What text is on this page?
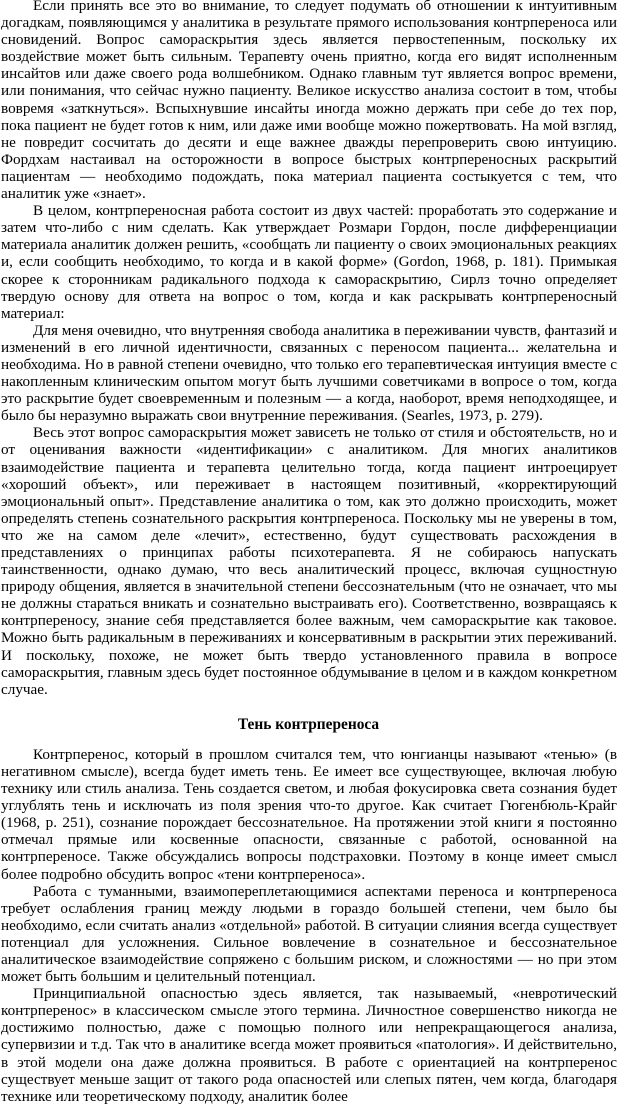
Если принять все это во внимание, то следует подумать об отношении к интуитивным догадкам, появляющимся у аналитика в результате прямого использования контрпереноса или сновидений. Вопрос самораскрытия здесь является первостепенным, поскольку их воздействие может быть сильным. Терапевту очень приятно, когда его видят исполненным инсайтов или даже своего рода волшебником. Однако главным тут является вопрос времени, или понимания, что сейчас нужно пациенту. Великое искусство анализа состоит в том, чтобы вовремя «заткнуться». Вспыхнувшие инсайты иногда можно держать при себе до тех пор, пока пациент не будет готов к ним, или даже ими вообще можно пожертвовать. На мой взгляд, не повредит сосчитать до десяти и еще важнее дважды перепроверить свою интуицию. Фордхам настаивал на осторожности в вопросе быстрых контрпереносных раскрытий пациентам — необходимо подождать, пока материал пациента состыкуется с тем, что аналитик уже «знает».

В целом, контрпереносная работа состоит из двух частей: проработать это содержание и затем что-либо с ним сделать. Как утверждает Розмари Гордон, после дифференциации материала аналитик должен решить, «сообщать ли пациенту о своих эмоциональных реакциях и, если сообщить необходимо, то когда и в какой форме» (Gordon, 1968, p. 181). Примыкая скорее к сторонникам радикального подхода к самораскрытию, Сирлз точно определяет твердую основу для ответа на вопрос о том, когда и как раскрывать контрпереносный материал:

Для меня очевидно, что внутренняя свобода аналитика в переживании чувств, фантазий и изменений в его личной идентичности, связанных с переносом пациента... желательна и необходима. Но в равной степени очевидно, что только его терапевтическая интуиция вместе с накопленным клиническим опытом могут быть лучшими советчиками в вопросе о том, когда это раскрытие будет своевременным и полезным — а когда, наоборот, время неподходящее, и было бы неразумно выражать свои внутренние переживания. (Searles, 1973, p. 279).

Весь этот вопрос самораскрытия может зависеть не только от стиля и обстоятельств, но и от оценивания важности «идентификации» с аналитиком. Для многих аналитиков взаимодействие пациента и терапевта целительно тогда, когда пациент интроецирует «хороший объект», или переживает в настоящем позитивный, «корректирующий эмоциональный опыт». Представление аналитика о том, как это должно происходить, может определять степень сознательного раскрытия контрпереноса. Поскольку мы не уверены в том, что же на самом деле «лечит», естественно, будут существовать расхождения в представлениях о принципах работы психотерапевта. Я не собираюсь напускать таинственности, однако думаю, что весь аналитический процесс, включая сущностную природу общения, является в значительной степени бессознательным (что не означает, что мы не должны стараться вникать и сознательно выстраивать его). Соответственно, возвращаясь к контрпереносу, знание себя представляется более важным, чем самораскрытие как таковое. Можно быть радикальным в переживаниях и консервативным в раскрытии этих переживаний. И поскольку, похоже, не может быть твердо установленного правила в вопросе самораскрытия, главным здесь будет постоянное обдумывание в целом и в каждом конкретном случае.

Тень контрпереноса

Контрперенос, который в прошлом считался тем, что юнгианцы называют «тенью» (в негативном смысле), всегда будет иметь тень. Ее имеет все существующее, включая любую технику или стиль анализа. Тень создается светом, и любая фокусировка света сознания будет углублять тень и исключать из поля зрения что-то другое. Как считает Гюгенбюль-Крайг (1968, p. 251), сознание порождает бессознательное. На протяжении этой книги я постоянно отмечал прямые или косвенные опасности, связанные с работой, основанной на контрпереносе. Также обсуждались вопросы подстраховки. Поэтому в конце имеет смысл более подробно обсудить вопрос «тени контрпереноса».

Работа с туманными, взаимопереплетающимися аспектами переноса и контрпереноса требует ослабления границ между людьми в гораздо большей степени, чем было бы необходимо, если считать анализ «отдельной» работой. В ситуации слияния всегда существует потенциал для усложнения. Сильное вовлечение в сознательное и бессознательное аналитическое взаимодействие сопряжено с большим риском, и сложностями — но при этом может быть большим и целительный потенциал.

Принципиальной опасностью здесь является, так называемый, «невротический контрперенос» в классическом смысле этого термина. Личностное совершенство никогда не достижимо полностью, даже с помощью полного или непрекращающегося анализа, супервизии и т.д. Так что в аналитике всегда может проявиться «патология». И действительно, в этой модели она даже должна проявиться. В работе с ориентацией на контрперенос существует меньше защит от такого рода опасностей или слепых пятен, чем когда, благодаря технике или теоретическому подходу, аналитик более
